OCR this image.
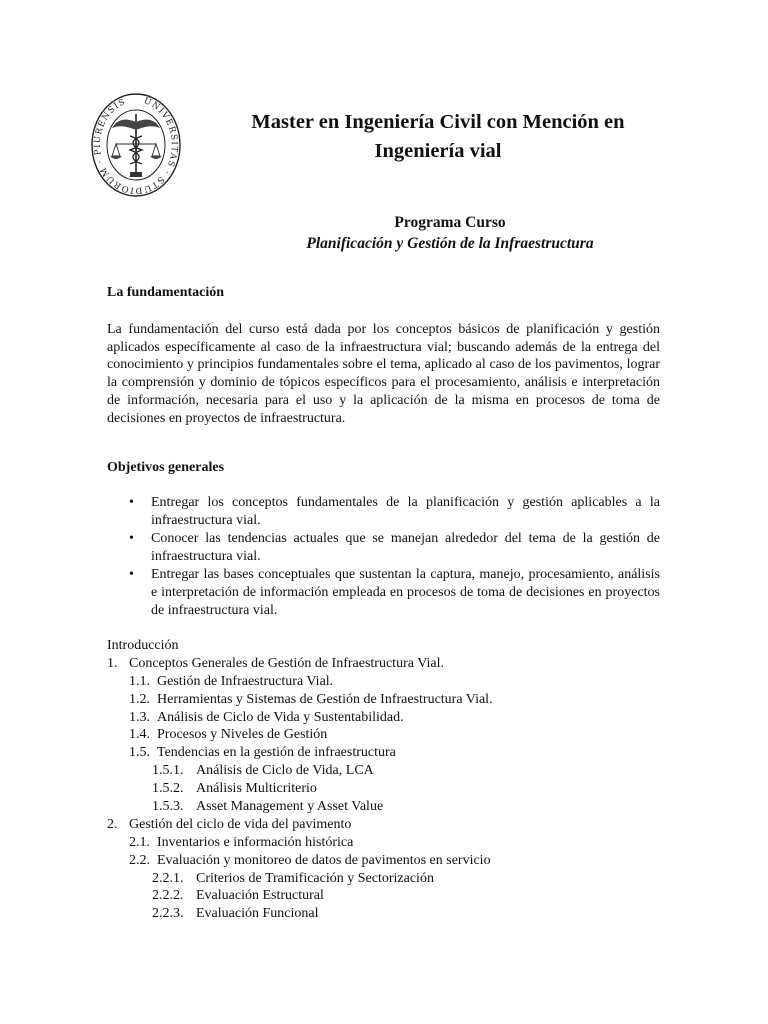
UNIVERSITAS · STUDIORUM · PIURENSIS
Master en Ingeniería Civil con Mención en
Ingeniería vial
Programa Curso
Planificación y Gestión de la Infraestructura
La fundamentación

La fundamentación del curso está dada por los conceptos básicos de planificación y gestión aplicados específicamente al caso de la infraestructura vial; buscando además de la entrega del conocimiento y principios fundamentales sobre el tema, aplicado al caso de los pavimentos, lograr la comprensión y dominio de tópicos específicos para el procesamiento, análisis e interpretación de información, necesaria para el uso y la aplicación de la misma en procesos de toma de decisiones en proyectos de infraestructura.

Objetivos generales
• Entregar los conceptos fundamentales de la planificación y gestión aplicables a la infraestructura vial.
• Conocer las tendencias actuales que se manejan alrededor del tema de la gestión de infraestructura vial.
• Entregar las bases conceptuales que sustentan la captura, manejo, procesamiento, análisis e interpretación de información empleada en procesos de toma de decisiones en proyectos de infraestructura vial.
Introducción
1. Conceptos Generales de Gestión de Infraestructura Vial.
1.1. Gestión de Infraestructura Vial.
1.2. Herramientas y Sistemas de Gestión de Infraestructura Vial.
1.3. Análisis de Ciclo de Vida y Sustentabilidad.
1.4. Procesos y Niveles de Gestión
1.5. Tendencias en la gestión de infraestructura
1.5.1. Análisis de Ciclo de Vida, LCA
1.5.2. Análisis Multicriterio
1.5.3. Asset Management y Asset Value
2. Gestión del ciclo de vida del pavimento
2.1. Inventarios e información histórica
2.2. Evaluación y monitoreo de datos de pavimentos en servicio
2.2.1. Criterios de Tramificación y Sectorización
2.2.2. Evaluación Estructural
2.2.3. Evaluación Funcional
